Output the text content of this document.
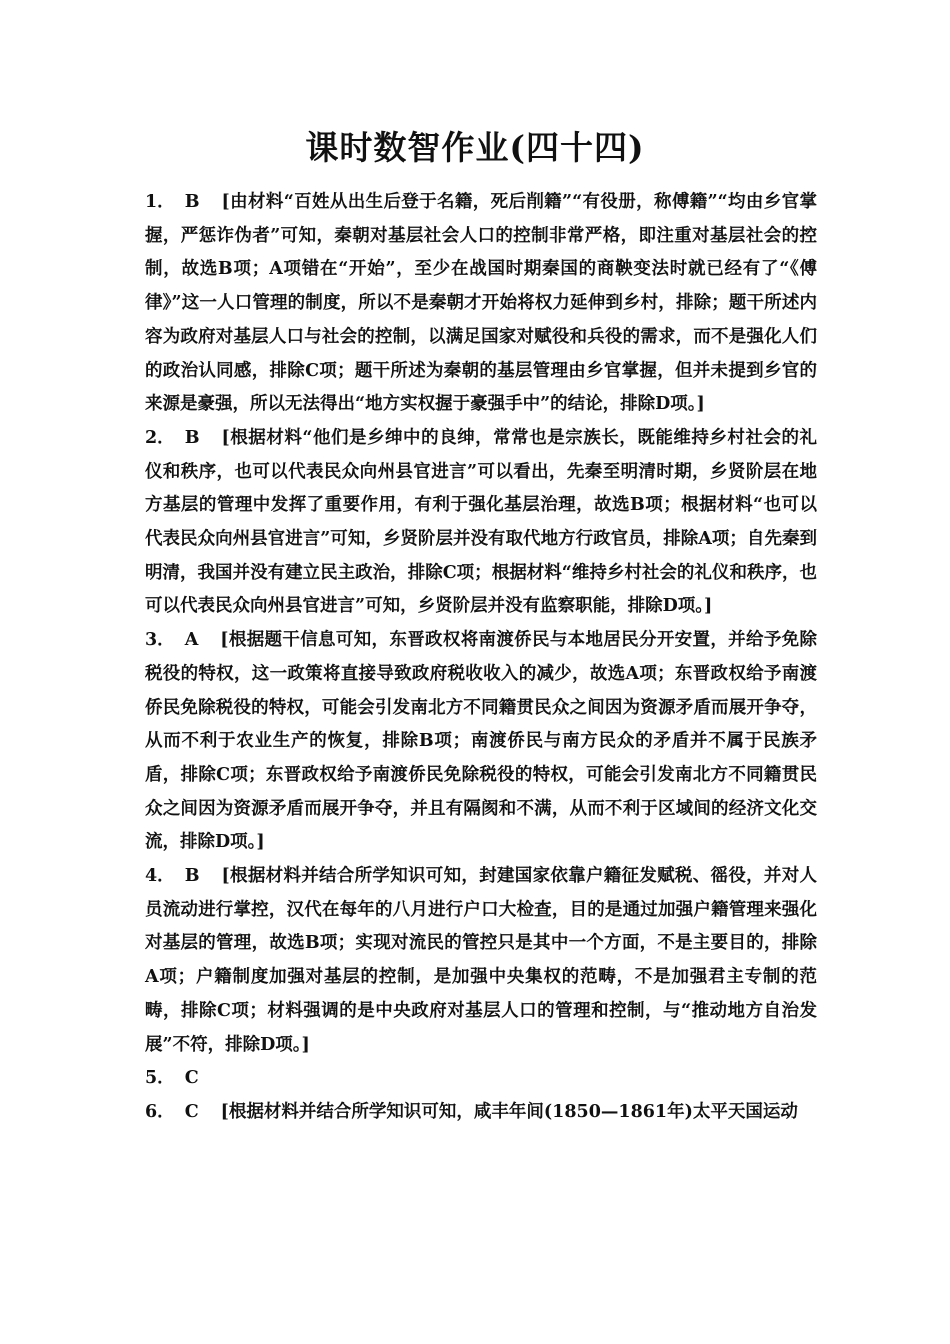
课时数智作业(四十四)

1． B [由材料“百姓从出生后登于名籍，死后削籍”“有役册，称傅籍”“均由乡官掌握，严惩诈伪者”可知，秦朝对基层社会人口的控制非常严格，即注重对基层社会的控制，故选B项；A项错在“开始”，至少在战国时期秦国的商鞅变法时就已经有了“《傅律》”这一人口管理的制度，所以不是秦朝才开始将权力延伸到乡村，排除；题干所述内容为政府对基层人口与社会的控制，以满足国家对赋役和兵役的需求，而不是强化人们的政治认同感，排除C项；题干所述为秦朝的基层管理由乡官掌握，但并未提到乡官的来源是豪强，所以无法得出“地方实权握于豪强手中”的结论，排除D项。]

2． B [根据材料“他们是乡绅中的良绅，常常也是宗族长，既能维持乡村社会的礼仪和秩序，也可以代表民众向州县官进言”可以看出，先秦至明清时期，乡贤阶层在地方基层的管理中发挥了重要作用，有利于强化基层治理，故选B项；根据材料“也可以代表民众向州县官进言”可知，乡贤阶层并没有取代地方行政官员，排除A项；自先秦到明清，我国并没有建立民主政治，排除C项；根据材料“维持乡村社会的礼仪和秩序，也可以代表民众向州县官进言”可知，乡贤阶层并没有监察职能，排除D项。]

3． A [根据题干信息可知，东晋政权将南渡侨民与本地居民分开安置，并给予免除税役的特权，这一政策将直接导致政府税收收入的减少，故选A项；东晋政权给予南渡侨民免除税役的特权，可能会引发南北方不同籍贯民众之间因为资源矛盾而展开争夺，从而不利于农业生产的恢复，排除B项；南渡侨民与南方民众的矛盾并不属于民族矛盾，排除C项；东晋政权给予南渡侨民免除税役的特权，可能会引发南北方不同籍贯民众之间因为资源矛盾而展开争夺，并且有隔阂和不满，从而不利于区域间的经济文化交流，排除D项。]

4． B [根据材料并结合所学知识可知，封建国家依靠户籍征发赋税、徭役，并对人员流动进行掌控，汉代在每年的八月进行户口大检查，目的是通过加强户籍管理来强化对基层的管理，故选B项；实现对流民的管控只是其中一个方面，不是主要目的，排除A项；户籍制度加强对基层的控制，是加强中央集权的范畴，不是加强君主专制的范畴，排除C项；材料强调的是中央政府对基层人口的管理和控制，与“推动地方自治发展”不符，排除D项。]

5． C

6． C [根据材料并结合所学知识可知，咸丰年间(1850—1861年)太平天国运动
